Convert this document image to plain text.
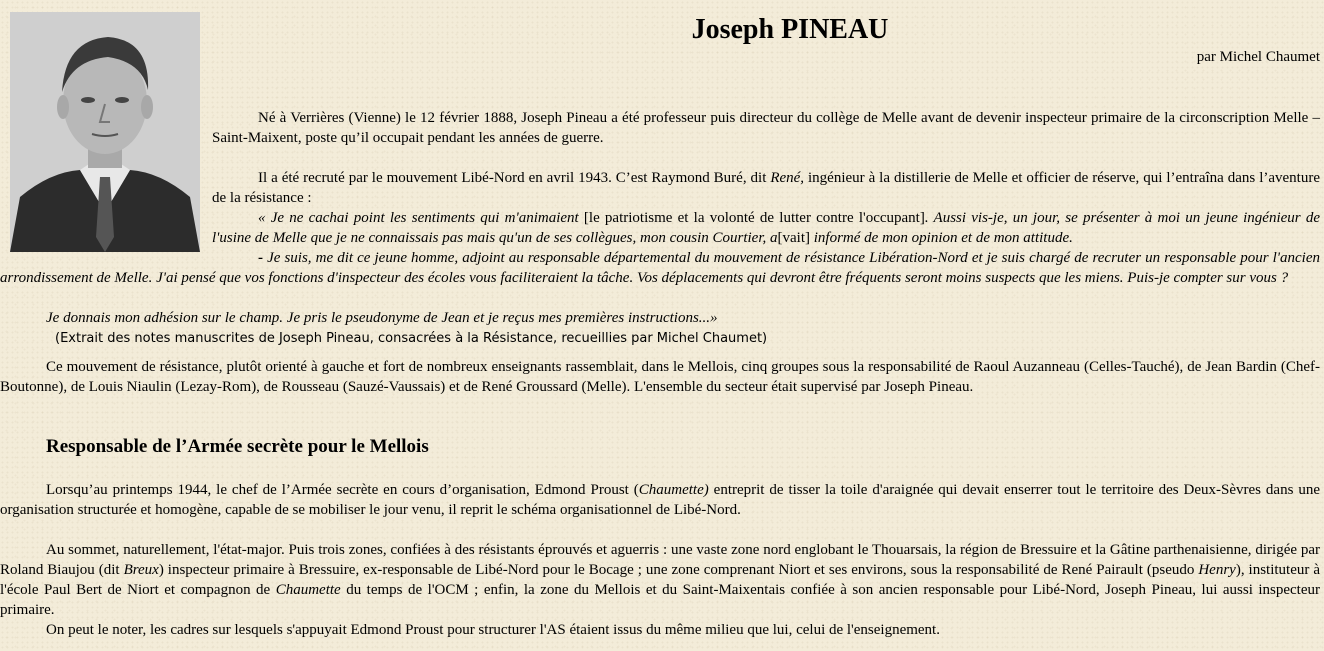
Joseph PINEAU
par Michel Chaumet

Né à Verrières (Vienne) le 12 février 1888, Joseph Pineau a été professeur puis directeur du collège de Melle avant de devenir inspecteur primaire de la circonscription Melle – Saint-Maixent, poste qu’il occupait pendant les années de guerre.

Il a été recruté par le mouvement Libé-Nord en avril 1943. C’est Raymond Buré, dit René, ingénieur à la distillerie de Melle et officier de réserve, qui l’entraîna dans l’aventure de la résistance :

« Je ne cachai point les sentiments qui m'animaient [le patriotisme et la volonté de lutter contre l'occupant]. Aussi vis-je, un jour, se présenter à moi un jeune ingénieur de l'usine de Melle que je ne connaissais pas mais qu'un de ses collègues, mon cousin Courtier, a[vait] informé de mon opinion et de mon attitude.

- Je suis, me dit ce jeune homme, adjoint au responsable départemental du mouvement de résistance Libération-Nord et je suis chargé de recruter un responsable pour l'ancien arrondissement de Melle. J'ai pensé que vos fonctions d'inspecteur des écoles vous faciliteraient la tâche. Vos déplacements qui devront être fréquents seront moins suspects que les miens. Puis-je compter sur vous ?

Je donnais mon adhésion sur le champ. Je pris le pseudonyme de Jean et je reçus mes premières instructions...»

(Extrait des notes manuscrites de Joseph Pineau, consacrées à la Résistance, recueillies par Michel Chaumet)

Ce mouvement de résistance, plutôt orienté à gauche et fort de nombreux enseignants rassemblait, dans le Mellois, cinq groupes sous la responsabilité de Raoul Auzanneau (Celles-Tauché), de Jean Bardin (Chef-Boutonne), de Louis Niaulin (Lezay-Rom), de Rousseau (Sauzé-Vaussais) et de René Groussard (Melle). L'ensemble du secteur était supervisé par Joseph Pineau.

Responsable de l’Armée secrète pour le Mellois

Lorsqu’au printemps 1944, le chef de l’Armée secrète en cours d’organisation, Edmond Proust (Chaumette) entreprit de tisser la toile d'araignée qui devait enserrer tout le territoire des Deux-Sèvres dans une organisation structurée et homogène, capable de se mobiliser le jour venu, il reprit le schéma organisationnel de Libé-Nord.

Au sommet, naturellement, l'état-major. Puis trois zones, confiées à des résistants éprouvés et aguerris : une vaste zone nord englobant le Thouarsais, la région de Bressuire et la Gâtine parthenaisienne, dirigée par Roland Biaujou (dit Breux) inspecteur primaire à Bressuire, ex-responsable de Libé-Nord pour le Bocage ; une zone comprenant Niort et ses environs, sous la responsabilité de René Pairault (pseudo Henry), instituteur à l'école Paul Bert de Niort et compagnon de Chaumette du temps de l'OCM ; enfin, la zone du Mellois et du Saint-Maixentais confiée à son ancien responsable pour Libé-Nord, Joseph Pineau, lui aussi inspecteur primaire.

On peut le noter, les cadres sur lesquels s'appuyait Edmond Proust pour structurer l'AS étaient issus du même milieu que lui, celui de l'enseignement.
